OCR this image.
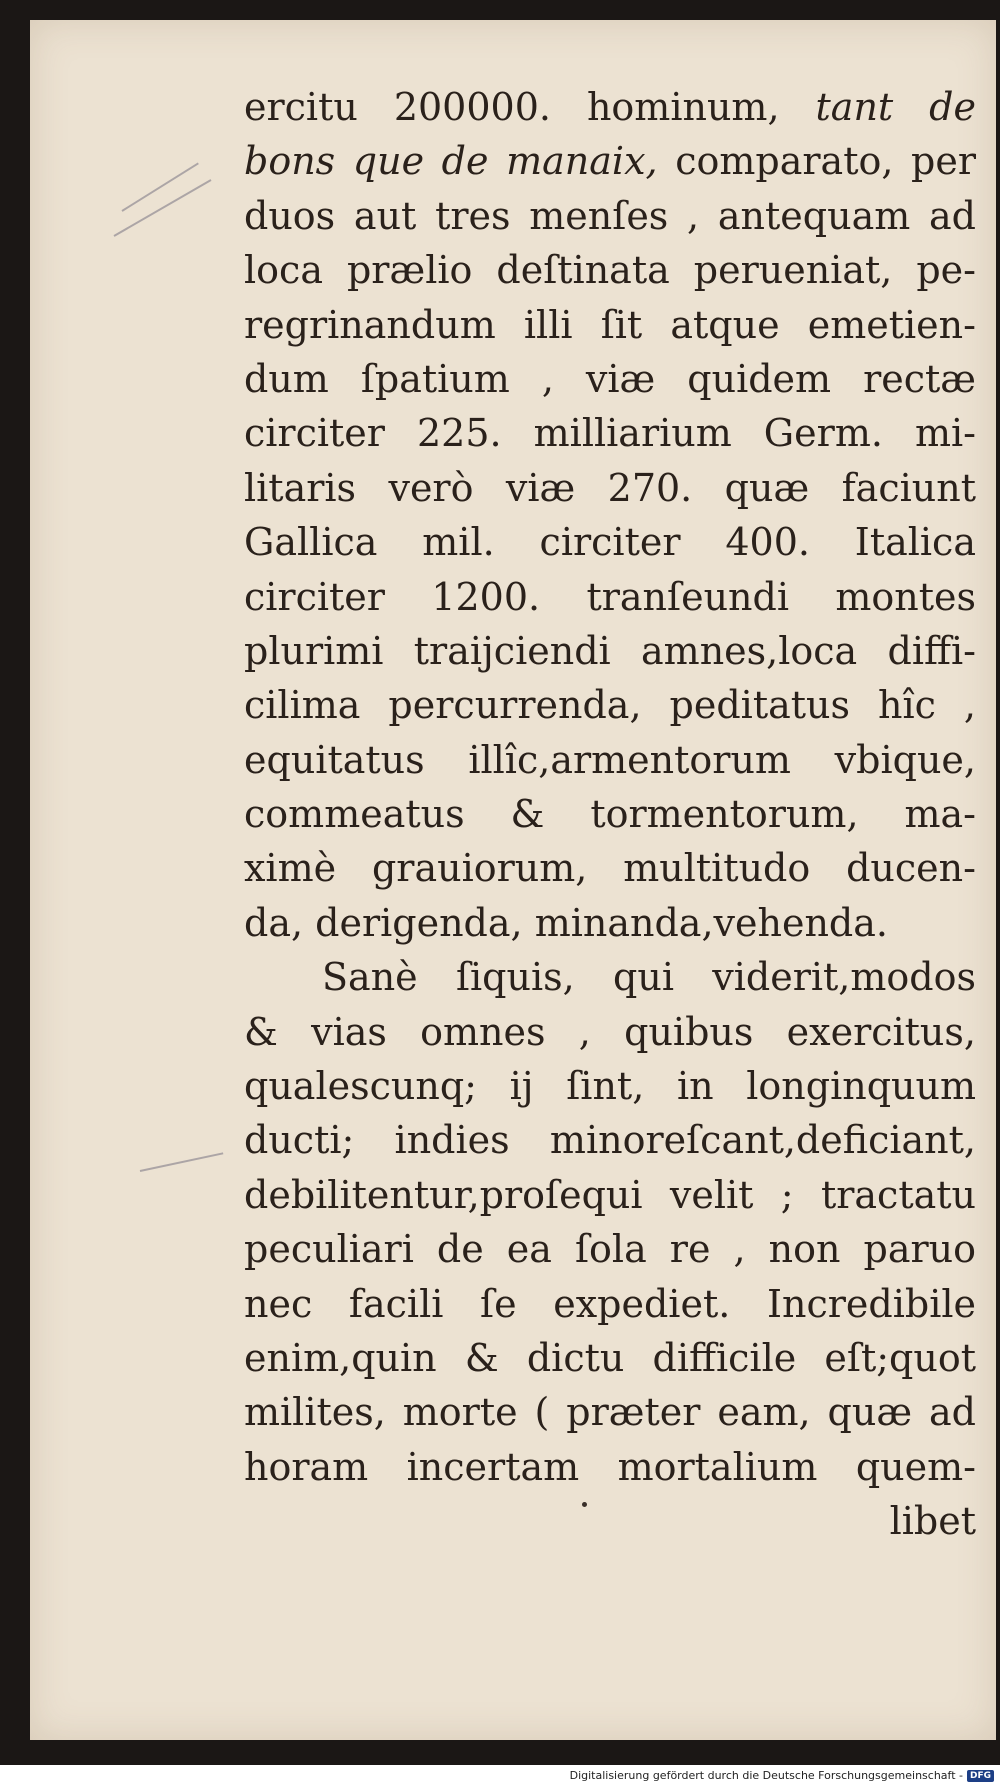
ercitu 200000. hominum, tant de
bons que de manaix, comparato, per
duos aut tres menſes , antequam ad
loca prælio deſtinata perueniat, pe-
regrinandum illi ſit atque emetien-
dum ſpatium , viæ quidem rectæ
circiter 225. milliarium Germ. mi-
litaris verò viæ 270. quæ faciunt
Gallica mil. circiter 400. Italica
circiter 1200. tranſeundi montes
plurimi traijciendi amnes,loca diffi-
cilima percurrenda, peditatus hîc ,
equitatus illîc,armentorum vbique,
commeatus & tormentorum, ma-
ximè grauiorum, multitudo ducen-
da, derigenda, minanda,vehenda.
Sanè ſiquis, qui viderit,modos
& vias omnes , quibus exercitus,
qualescunq; ij ſint, in longinquum
ducti; indies minoreſcant,deficiant,
debilitentur,proſequi velit ; tractatu
peculiari de ea ſola re , non paruo
nec facili ſe expediet. Incredibile
enim,quin & dictu difficile eſt;quot
milites, morte ( præter eam, quæ ad
horam incertam mortalium quem-
libet
Digitalisierung gefördert durch die Deutsche Forschungsgemeinschaft - DFG
